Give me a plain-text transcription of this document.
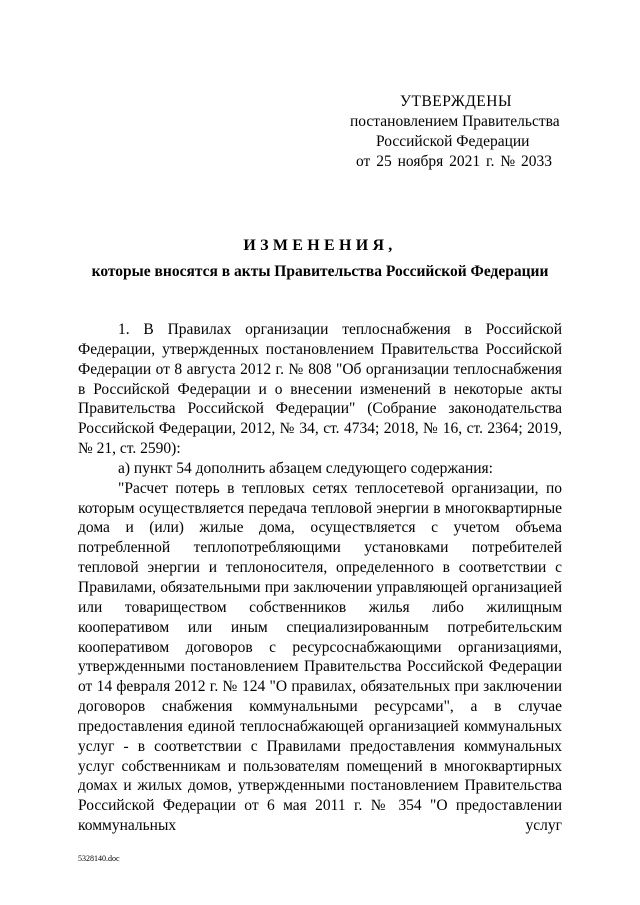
УТВЕРЖДЕНЫ
постановлением Правительства
Российской Федерации
от 25 ноября 2021 г. № 2033
ИЗМЕНЕНИЯ,
которые вносятся в акты Правительства Российской Федерации

1. В Правилах организации теплоснабжения в Российской Федерации, утвержденных постановлением Правительства Российской Федерации от 8 августа 2012 г. № 808 "Об организации теплоснабжения в Российской Федерации и о внесении изменений в некоторые акты Правительства Российской Федерации" (Собрание законодательства Российской Федерации, 2012, № 34, ст. 4734; 2018, № 16, ст. 2364; 2019, № 21, ст. 2590):

а) пункт 54 дополнить абзацем следующего содержания:

"Расчет потерь в тепловых сетях теплосетевой организации, по которым осуществляется передача тепловой энергии в многоквартирные дома и (или) жилые дома, осуществляется с учетом объема потребленной теплопотребляющими установками потребителей тепловой энергии и теплоносителя, определенного в соответствии с Правилами, обязательными при заключении управляющей организацией или товариществом собственников жилья либо жилищным кооперативом или иным специализированным потребительским кооперативом договоров с ресурсоснабжающими организациями, утвержденными постановлением Правительства Российской Федерации от 14 февраля 2012 г. № 124 "О правилах, обязательных при заключении договоров снабжения коммунальными ресурсами", а в случае предоставления единой теплоснабжающей организацией коммунальных услуг - в соответствии с Правилами предоставления коммунальных услуг собственникам и пользователям помещений в многоквартирных домах и жилых домов, утвержденными постановлением Правительства Российской Федерации от 6 мая 2011 г. № 354 "О предоставлении коммунальных услуг

5328140.doc
